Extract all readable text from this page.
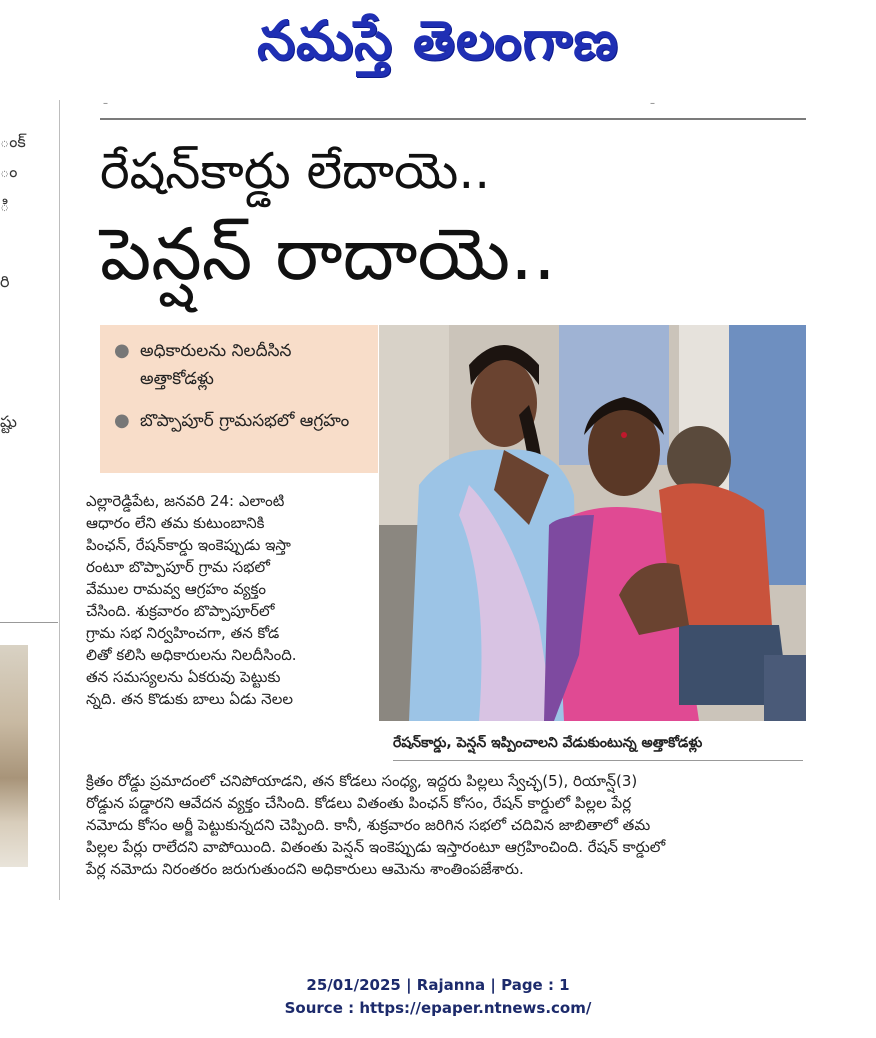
నమస్తే తెలంగాణ
ంక్
ం
ి
రి
ష్టు
–	–
రేషన్‌కార్డు లేదాయె..
పెన్షన్ రాదాయె..
● అధికారులను నిలదీసిన అత్తాకోడళ్లు
● బొప్పాపూర్ గ్రామసభలో ఆగ్రహం
రేషన్‌కార్డు, పెన్షన్ ఇప్పించాలని వేడుకుంటున్న అత్తాకోడళ్లు

ఎల్లారెడ్డిపేట, జనవరి 24: ఎలాంటి

ఆధారం లేని తమ కుటుంబానికి

పింఛన్, రేషన్‌కార్డు ఇంకెప్పుడు ఇస్తా

రంటూ బొప్పాపూర్ గ్రామ సభలో

వేముల రామవ్వ ఆగ్రహం వ్యక్తం

చేసింది. శుక్రవారం బొప్పాపూర్‌లో

గ్రామ సభ నిర్వహించగా, తన కోడ

లితో కలిసి అధికారులను నిలదీసింది.

తన సమస్యలను ఏకరువు పెట్టుకు

న్నది. తన కొడుకు బాలు ఏడు నెలల

క్రితం రోడ్డు ప్రమాదంలో చనిపోయాడని, తన కోడలు సంధ్య, ఇద్దరు పిల్లలు స్వేచ్ఛ(5), రియాన్ష్(3)

రోడ్డున పడ్డారని ఆవేదన వ్యక్తం చేసింది. కోడలు వితంతు పింఛన్ కోసం, రేషన్ కార్డులో పిల్లల పేర్ల

నమోదు కోసం అర్జీ పెట్టుకున్నదని చెప్పింది. కానీ, శుక్రవారం జరిగిన సభలో చదివిన జాబితాలో తమ

పిల్లల పేర్లు రాలేదని వాపోయింది. వితంతు పెన్షన్ ఇంకెప్పుడు ఇస్తారంటూ ఆగ్రహించింది. రేషన్ కార్డులో

పేర్ల నమోదు నిరంతరం జరుగుతుందని అధికారులు ఆమెను శాంతింపజేశారు.

25/01/2025 | Rajanna | Page : 1
Source : https://epaper.ntnews.com/
